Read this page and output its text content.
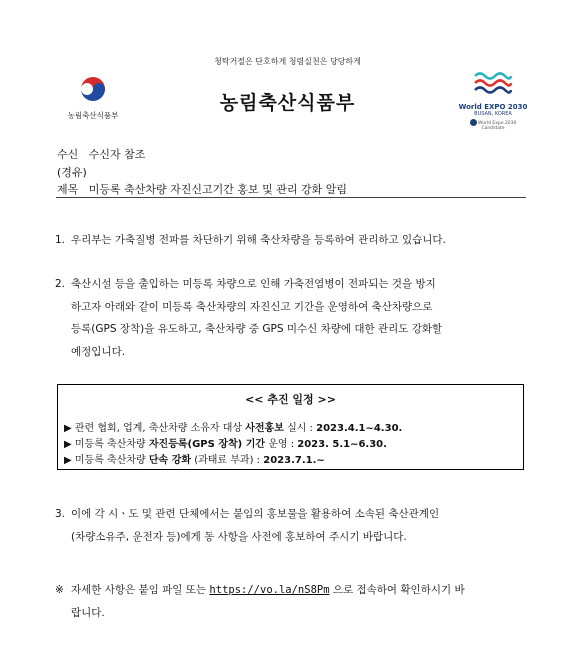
청탁거절은 단호하게 청렴실천은 당당하게
농림축산식품부
농림축산식품부	World EXPO 2030
BUSAN, KOREA
World Expo 2030 Candidate
수신 수신자 참조
(경유)
제목 미등록 축산차량 자진신고기간 홍보 및 관리 강화 알림
1. 우리부는 가축질병 전파를 차단하기 위해 축산차량을 등록하여 관리하고 있습니다.
2. 축산시설 등을 출입하는 미등록 차량으로 인해 가축전염병이 전파되는 것을 방지
하고자 아래와 같이 미등록 축산차량의 자진신고 기간을 운영하여 축산차량으로
등록(GPS 장착)을 유도하고, 축산차량 중 GPS 미수신 차량에 대한 관리도 강화할
예정입니다.
<< 추진 일정 >>
▶ 관련 협회, 업계, 축산차량 소유자 대상 사전홍보 실시 : 2023.4.1~4.30.
▶ 미등록 축산차량 자진등록(GPS 장착) 기간 운영 : 2023. 5.1~6.30.
▶ 미등록 축산차량 단속 강화 (과태료 부과) : 2023.7.1.~
3. 이에 각 시ㆍ도 및 관련 단체에서는 붙임의 홍보물을 활용하여 소속된 축산관계인
(차량소유주, 운전자 등)에게 동 사항을 사전에 홍보하여 주시기 바랍니다.
※ 자세한 사항은 붙임 파일 또는 https://vo.la/nS8Pm 으로 접속하여 확인하시기 바
랍니다.
